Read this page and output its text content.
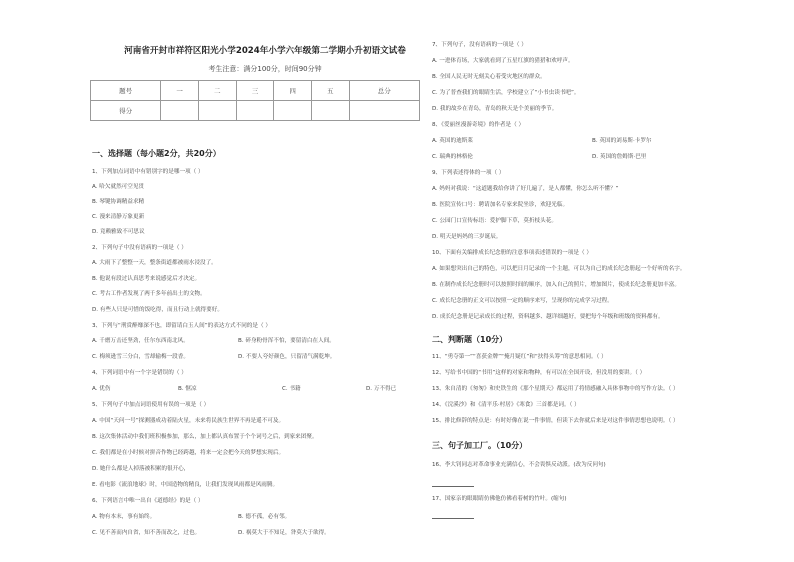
河南省开封市祥符区阳光小学2024年小学六年级第二学期小升初语文试卷
考生注意：满分100分，时间90分钟
题号	一	二	三	四	五	总分
得分						
一、选择题（每小题2分，共20分）
1、下列加点词语中有错别字的是哪一项（ ）
A. 哈欠就然可空见贯
B. 琴键协调精益求精
C. 漫来清静万象更新
D. 竟赖雅致不可思议
2、下列句子中没有语病的一项是（ ）
A. 大雨下了整整一天，整条街道都被雨水浸没了。
B. 他说有段过认真思考来说感觉后才决定。
C. 考古工作者发现了两千多年前出土的文物。
D. 有些人只是可惜的饭吃得，而且行动上就得要好。
3、下列与“刑赏醉靡深不也，即留请白玉人间”的表达方式不同的是（ ）
A. 千磨万击还坚劲，任尔东西南北风。	B. 碎身粉骨浑不怕，要留清白在人间。
C. 梅须逊雪三分白，雪却输梅一段香。	D. 不要人夸好颜色，只留清气满乾坤。
4、下列词语中有一个字是错误的（ ）
A. 优伤	B. 惬凉	C. 书籍	D. 万不得已
5、下列句子中加点词语使用有误的一项是（ ）
A. 中国“天问一号”探测器成功着陆火星，未来将民族生世界不再是遥不可及。
B. 这次集体活动中我们班积极参加，那么，加上都认真布置于个个词号之后，到家来团聚。
C. 我们都是在小时候对拼音作物已经跨越，将来一定会把今天的梦想实现后。
D. 她什么都是人掉落被积累的很开心，
E. 看电影《流浪地球》时，中国造物的精良，让我们发现风雨都是风雨腾。
6、下列语言中唯一出自《道德经》的是（ ）
A. 物有本末，事有始终。	B. 德不孤，必有邻。
C. 见不善而内自省，知不善而改之，过也。	D. 祸莫大于不知足，咎莫大于欲得。
7、下列句子，没有语病的一项是（ ）
A. 一进体育场，大家就看到了五星红旗的猎猎和欢呼声。
B. 全国人民无时无刻关心着受灾地区的群众。
C. 为了普查我们的眼睛生活，学校建立了“小书虫读书吧”。
D. 我的故乡在青岛，青岛的秋天是个美丽的季节。
8、《爱丽丝漫游奇境》的作者是（ ）
A. 英国的迪斯莱	B. 英国的刘易斯·卡罗尔
C. 瑞典的林格伦	D. 英国的詹姆斯·巴里
9、下列表述得体的一项（ ）
A. 妈妈对我说：“这道题我给你讲了好几遍了，是人都懂，你怎么听不懂？”
B. 医院宣传口号：聘请加名专家来院坐诊，欢迎光临。
C. 公园门口宣传标语：爱护脚下草，莫折枝头花。
D. 明天是妈妈的三岁诞辰。
10、下面有关编排成长纪念册的注意事项表述错误的一项是（ ）
A. 如果想突出自己的特色，可以把日月记录的一个主题，可以为自己的成长纪念册起一个好听的名字。
B. 在制作成长纪念册时可以按照时间的顺序，加入自己的照片，增加图片，使成长纪念册更加丰富。
C. 成长纪念册的正文可以按照一定的顺序来写，呈现你的完成学习过程。
D. 成长纪念册是记录成长的过程，资料越多、越详细越好，要把每个年级和班级的资料都有。
二、判断题（10分）
11、“勇夺第一”“喜获金牌”“掩月疑红”和“扶得头筹”的意思相同。（ ）
12、写给书中国的“书用”这样的对家和物种，有可以在全国开设，但没用的要讲。（ ）
13、朱自清的《匆匆》和史铁生的《那个星期天》都运用了将情感融入具体事物中的写作方法。（ ）
14、《浣溪沙》和《清平乐·村居》《寒食》三首都是词。（ ）
15、排比修辞的特点是：有时好像在说一件事情，但读下去你就后来是对这件事情思想也说明。（ ）
三、句子加工厂。（10分）
16、李大钊同志对革命事业充满信心，不会畏惧反动派。(改为反问句)
17、国家亲的眼眼睛仿佛他仿佛看着树的竹叶。(缩句)
